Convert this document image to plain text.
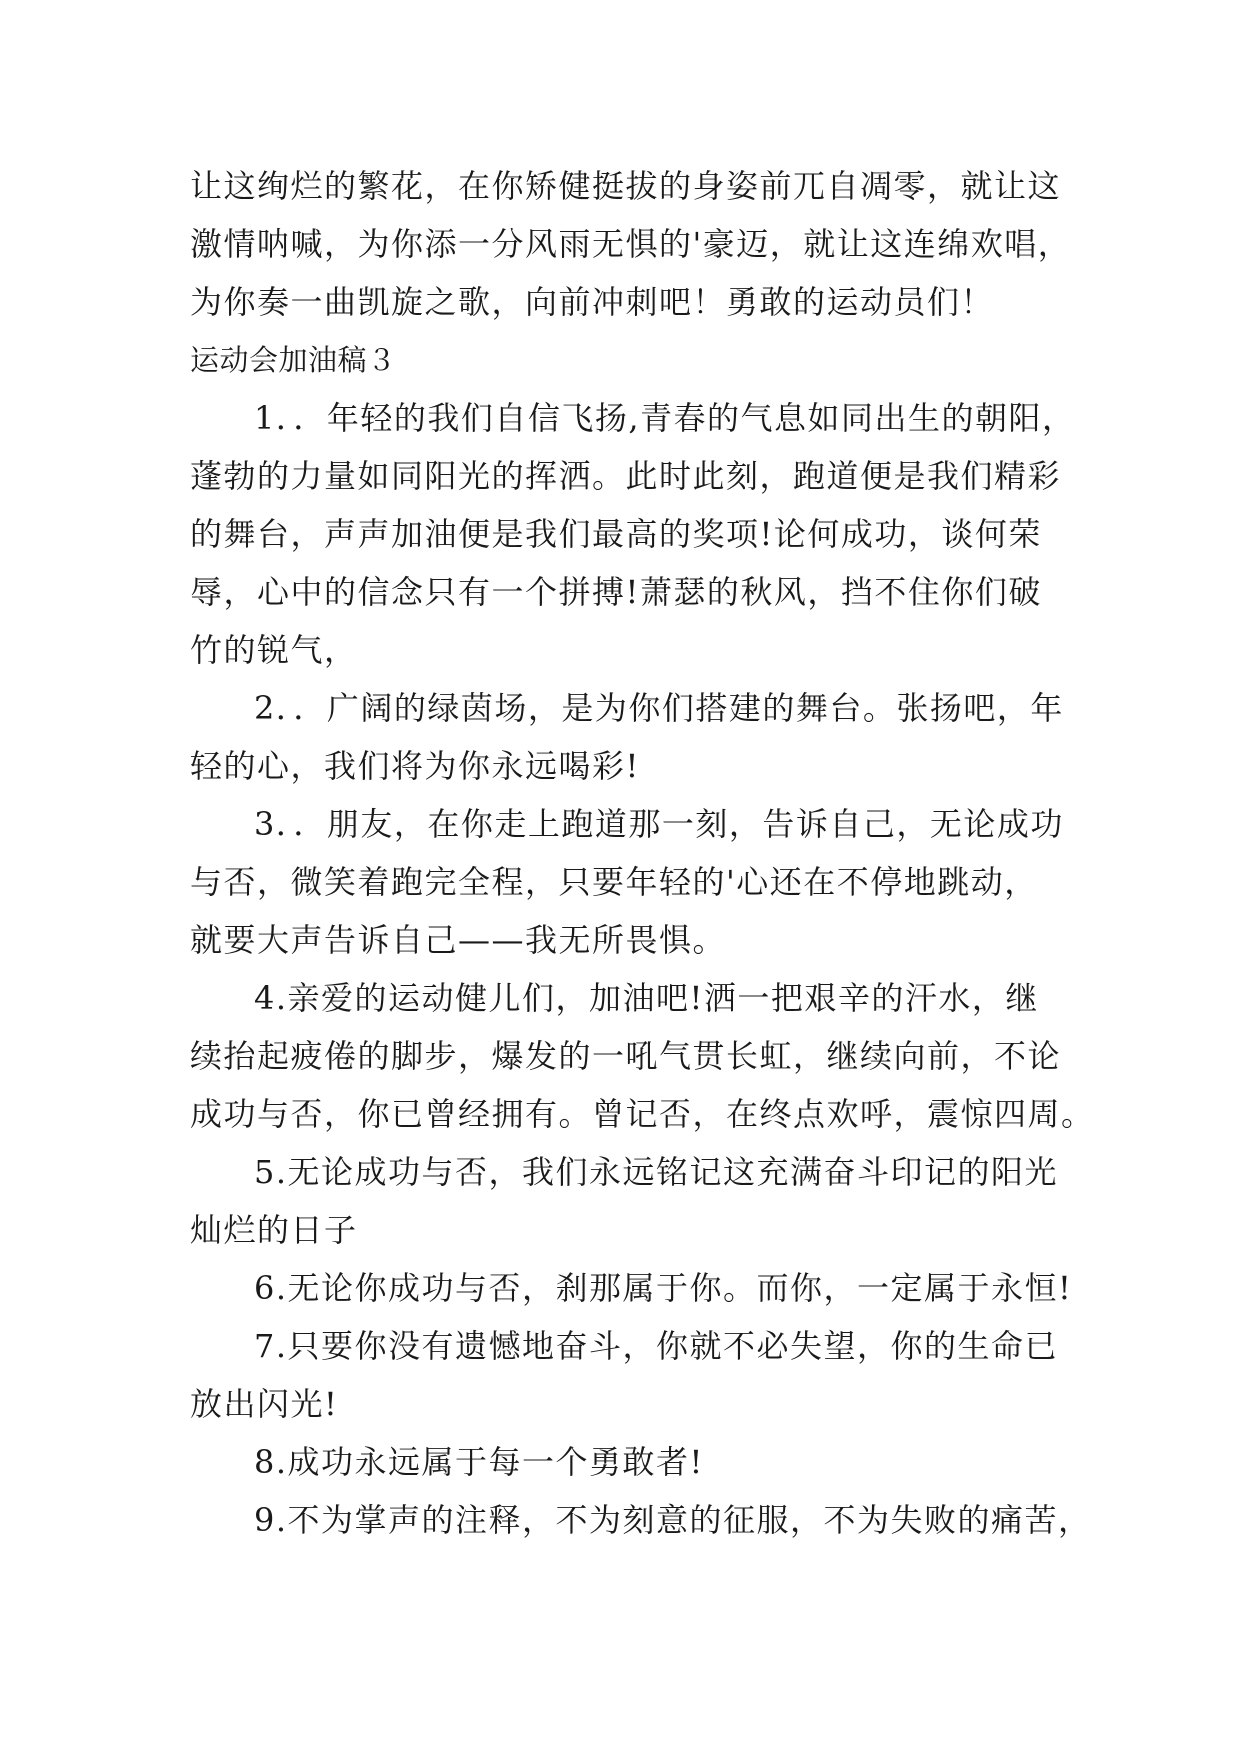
让这绚烂的繁花，在你矫健挺拔的身姿前兀自凋零，就让这
激情呐喊，为你添一分风雨无惧的'豪迈，就让这连绵欢唱，
为你奏一曲凯旋之歌，向前冲刺吧！勇敢的运动员们！
运动会加油稿３
1．．年轻的我们自信飞扬,青春的气息如同出生的朝阳，
蓬勃的力量如同阳光的挥洒。此时此刻，跑道便是我们精彩
的舞台，声声加油便是我们最高的奖项!论何成功，谈何荣
辱，心中的信念只有一个拼搏!萧瑟的秋风，挡不住你们破
竹的锐气，
2．．广阔的绿茵场，是为你们搭建的舞台。张扬吧，年
轻的心，我们将为你永远喝彩!
3．．朋友，在你走上跑道那一刻，告诉自己，无论成功
与否，微笑着跑完全程，只要年轻的'心还在不停地跳动，
就要大声告诉自己——我无所畏惧。
4.亲爱的运动健儿们，加油吧!洒一把艰辛的汗水，继
续抬起疲倦的脚步，爆发的一吼气贯长虹，继续向前，不论
成功与否，你已曾经拥有。曾记否，在终点欢呼，震惊四周。
5.无论成功与否，我们永远铭记这充满奋斗印记的阳光
灿烂的日子
6.无论你成功与否，刹那属于你。而你，一定属于永恒!
7.只要你没有遗憾地奋斗，你就不必失望，你的生命已
放出闪光!
8.成功永远属于每一个勇敢者!
9.不为掌声的注释，不为刻意的征服，不为失败的痛苦，
